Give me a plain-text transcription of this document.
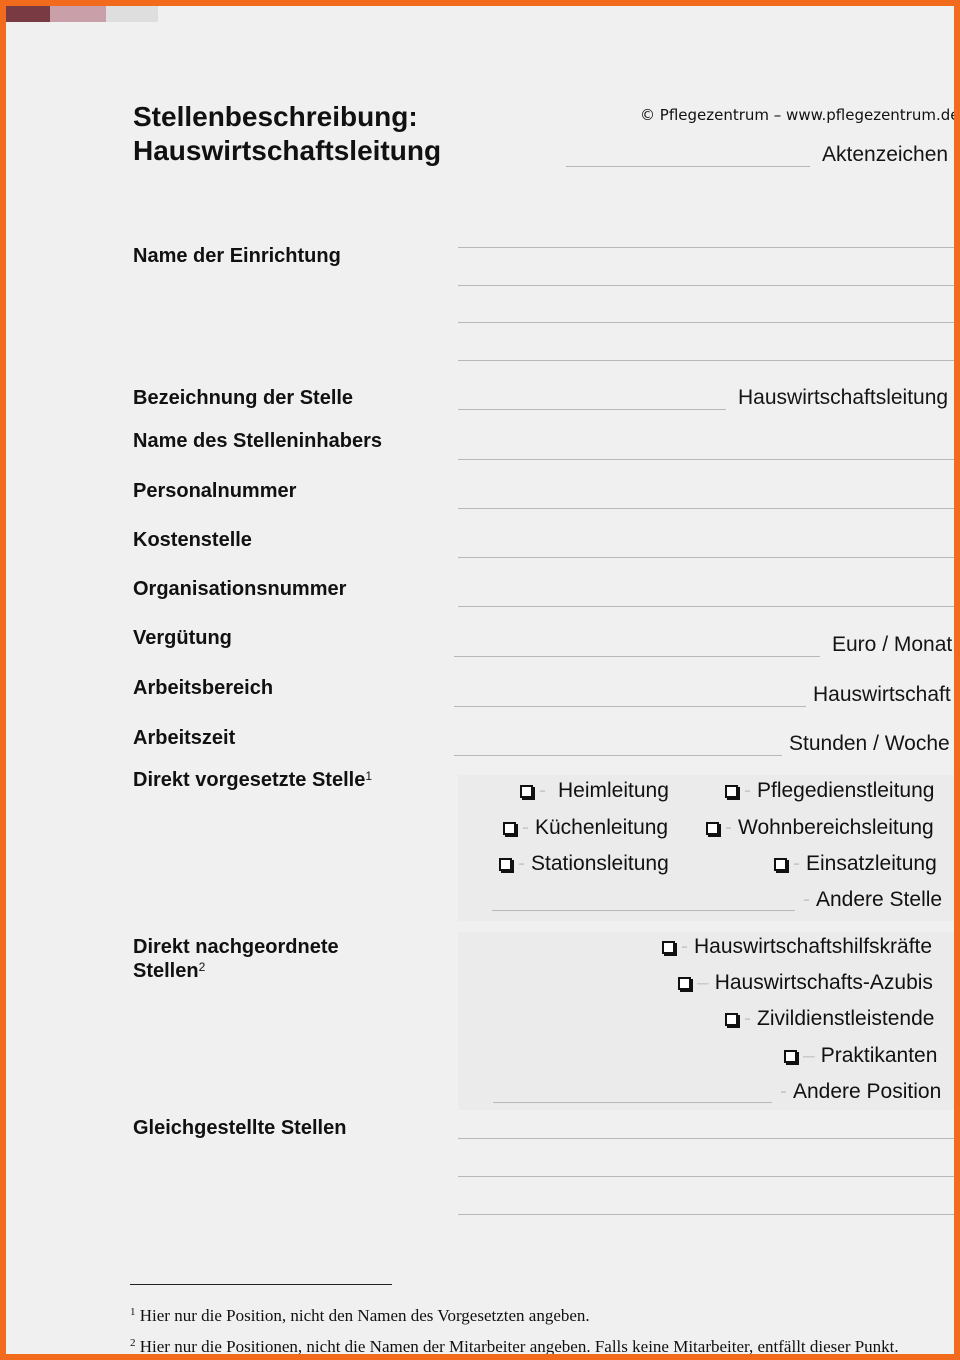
Stellenbeschreibung:
Hauswirtschaftsleitung
© Pflegezentrum – www.pflegezentrum.de
Aktenzeichen
Name der Einrichtung
Bezeichnung der Stelle	Hauswirtschaftsleitung
Name des Stelleninhabers
Personalnummer
Kostenstelle
Organisationsnummer
Vergütung	Euro / Monat
Arbeitsbereich	Hauswirtschaft
Arbeitszeit	Stunden / Woche
Direkt vorgesetzte Stelle$^1$
- Heimleitung	- Pflegedienstleitung
- Küchenleitung	- Wohnbereichsleitung
- Stationsleitung	- Einsatzleitung
- Andere Stelle
Direkt nachgeordnete
Stellen$^2$
- Hauswirtschaftshilfskräfte
– Hauswirtschafts-Azubis
- Zivildienstleistende
– Praktikanten
- Andere Position
Gleichgestellte Stellen
$^1$ Hier nur die Position, nicht den Namen des Vorgesetzten angeben.
$^2$ Hier nur die Positionen, nicht die Namen der Mitarbeiter angeben. Falls keine Mitarbeiter, entfällt dieser Punkt.
